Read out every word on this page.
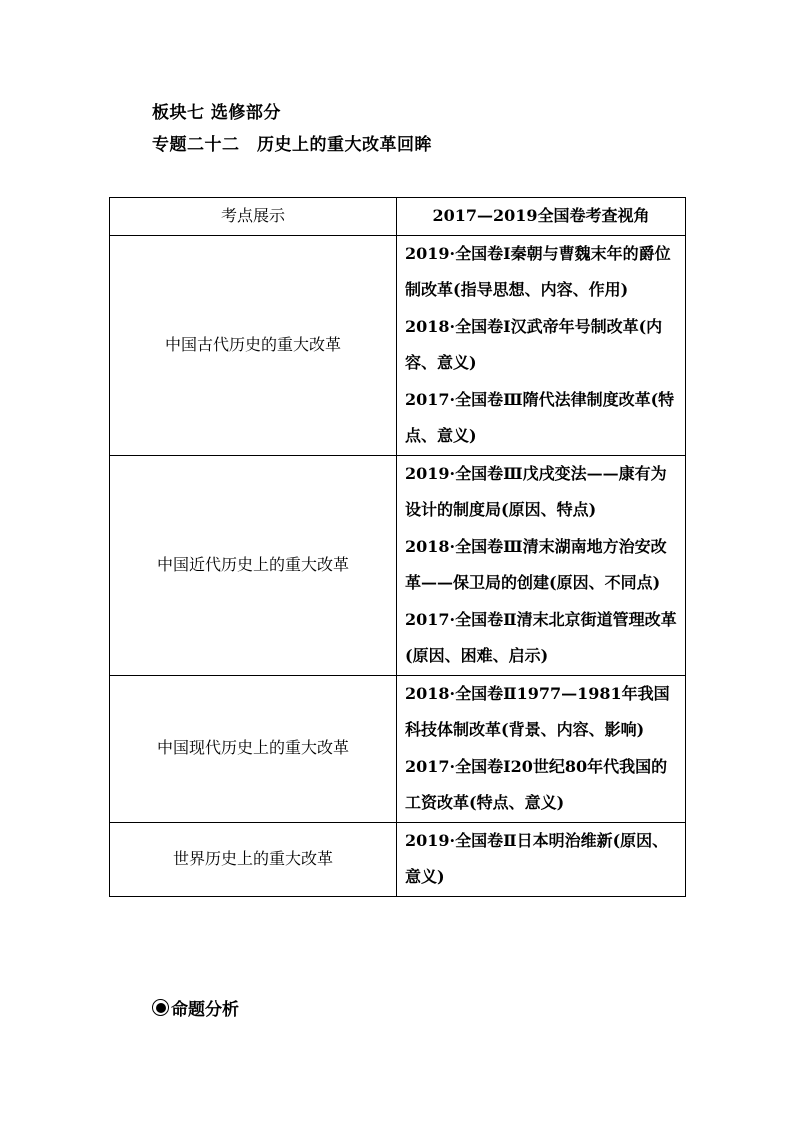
板块七 选修部分
专题二十二　历史上的重大改革回眸
考点展示	2017—2019全国卷考查视角
中国古代历史的重大改革	2019·全国卷Ⅰ秦朝与曹魏末年的爵位制改革(指导思想、内容、作用)
2018·全国卷Ⅰ汉武帝年号制改革(内容、意义)
2017·全国卷Ⅲ隋代法律制度改革(特点、意义)

中国近代历史上的重大改革	2019·全国卷Ⅲ戊戌变法——康有为设计的制度局(原因、特点)
2018·全国卷Ⅲ清末湖南地方治安改革——保卫局的创建(原因、不同点)
2017·全国卷Ⅱ清末北京街道管理改革(原因、困难、启示)

中国现代历史上的重大改革	2018·全国卷Ⅱ1977—1981年我国科技体制改革(背景、内容、影响)
2017·全国卷Ⅰ20世纪80年代我国的工资改革(特点、意义)

世界历史上的重大改革	2019·全国卷Ⅱ日本明治维新(原因、意义)
命题分析
